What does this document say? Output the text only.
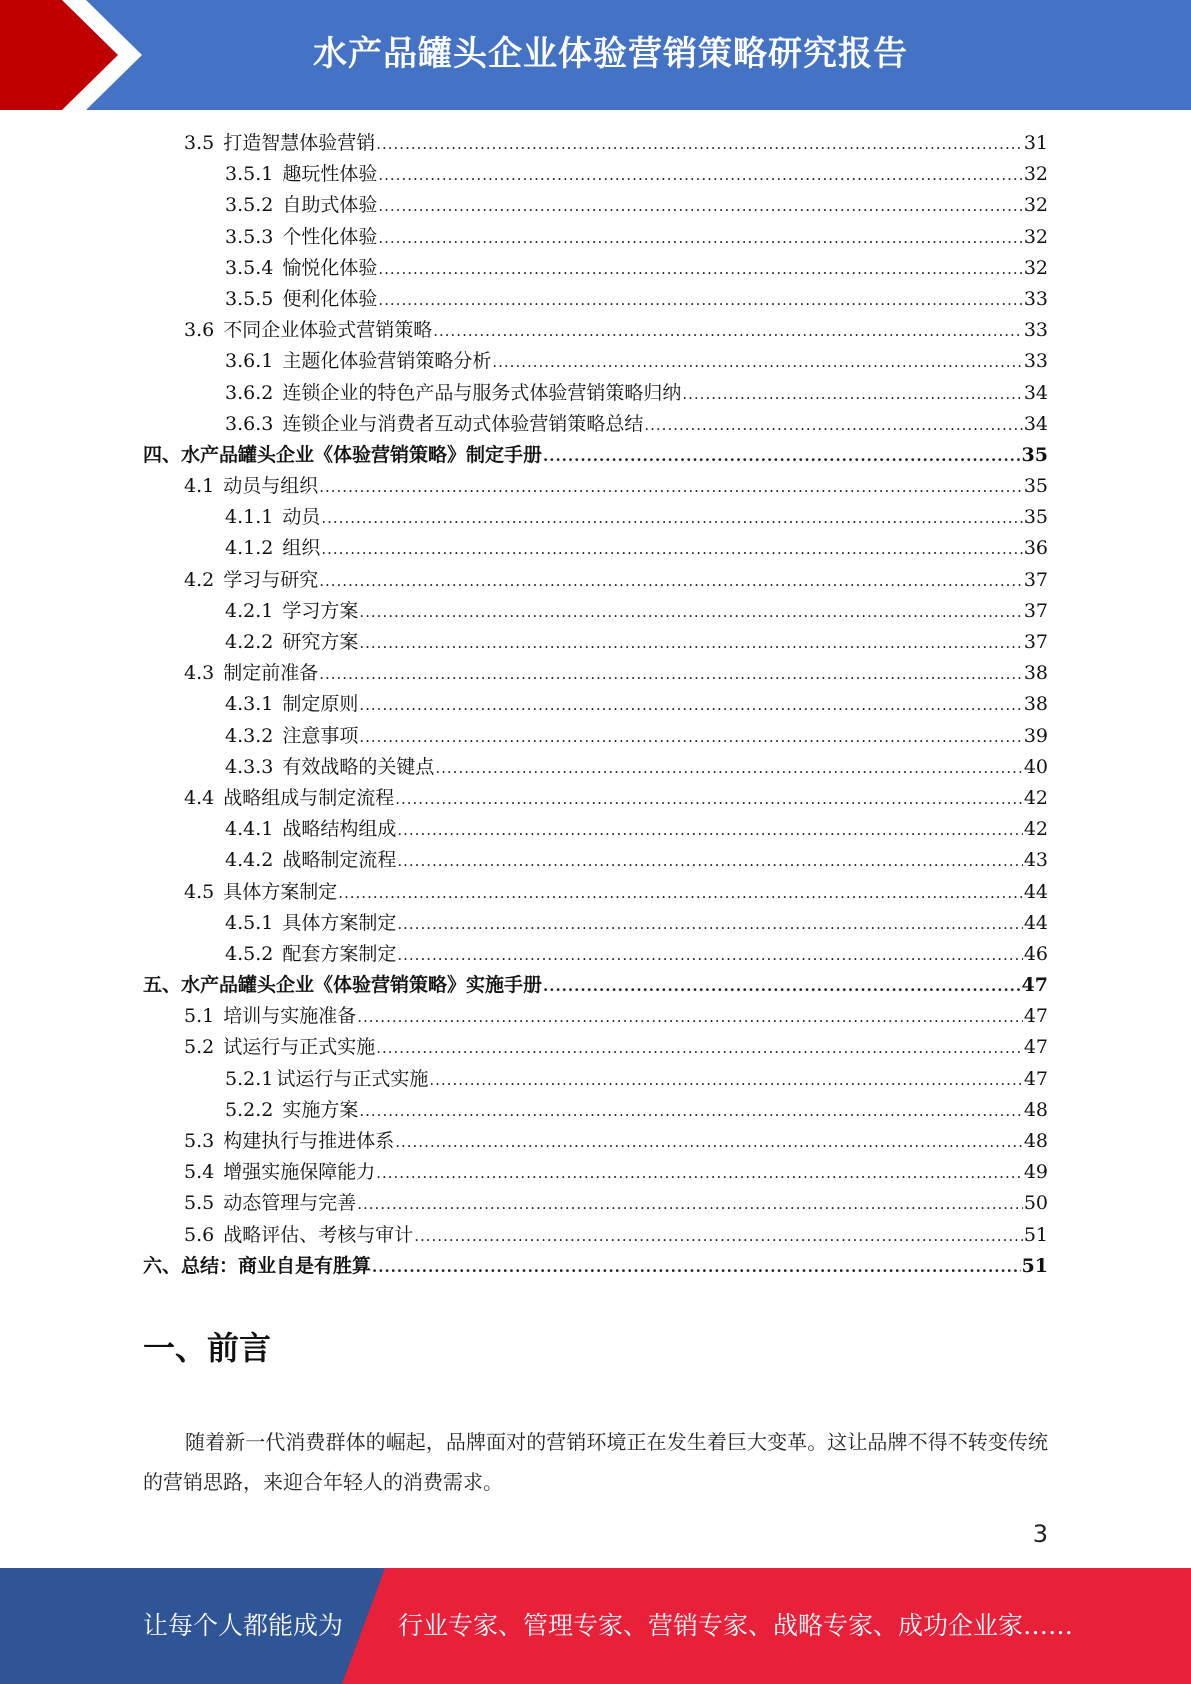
水产品罐头企业体验营销策略研究报告
3.5 打造智慧体验营销 .....	31
3.5.1 趣玩性体验 .....	32
3.5.2 自助式体验 .....	32
3.5.3 个性化体验 .....	32
3.5.4 愉悦化体验 .....	32
3.5.5 便利化体验 .....	33
3.6 不同企业体验式营销策略 .....	33
3.6.1 主题化体验营销策略分析 .....	33
3.6.2 连锁企业的特色产品与服务式体验营销策略归纳 .....	34
3.6.3 连锁企业与消费者互动式体验营销策略总结 .....	34
四、水产品罐头企业《体验营销策略》制定手册 .....	35
4.1 动员与组织 .....	35
4.1.1 动员 .....	35
4.1.2 组织 .....	36
4.2 学习与研究 .....	37
4.2.1 学习方案 .....	37
4.2.2 研究方案 .....	37
4.3 制定前准备 .....	38
4.3.1 制定原则 .....	38
4.3.2 注意事项 .....	39
4.3.3 有效战略的关键点 .....	40
4.4 战略组成与制定流程 .....	42
4.4.1 战略结构组成 .....	42
4.4.2 战略制定流程 .....	43
4.5 具体方案制定 .....	44
4.5.1 具体方案制定 .....	44
4.5.2 配套方案制定 .....	46
五、水产品罐头企业《体验营销策略》实施手册 .....	47
5.1 培训与实施准备 .....	47
5.2 试运行与正式实施 .....	47
5.2.1 试运行与正式实施 .....	47
5.2.2 实施方案 .....	48
5.3 构建执行与推进体系 .....	48
5.4 增强实施保障能力 .....	49
5.5 动态管理与完善 .....	50
5.6 战略评估、考核与审计 .....	51
六、总结：商业自是有胜算 .....	51
一、前言
随着新一代消费群体的崛起，品牌面对的营销环境正在发生着巨大变革。这让品牌不得不转变传统的营销思路，来迎合年轻人的消费需求。
3
让每个人都能成为 行业专家、管理专家、营销专家、战略专家、成功企业家……
